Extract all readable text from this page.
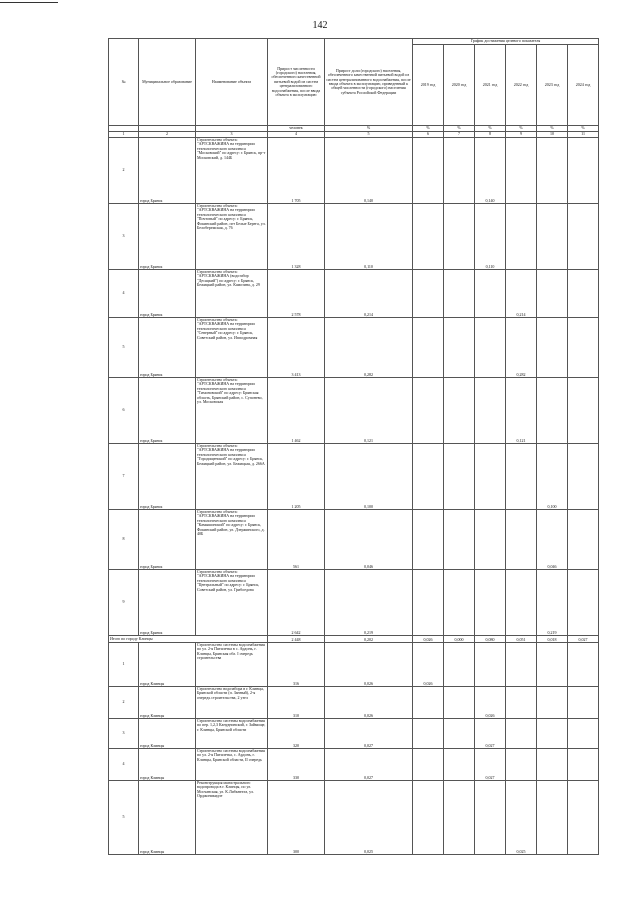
142
№	Муниципальное образование	Наименование объекта	Прирост численности (городского) населения, обеспеченного качественной питьевой водой из систем централизованного водоснабжения, после ввода объекта в эксплуатацию	Прирост доли (городского) населения, обеспеченного качественной питьевой водой из систем централизованного водоснабжения, после ввода объекта в эксплуатацию, приведенный к общей численности (городского) населения субъекта Российской Федерации	График достижения целевого показателя					
					2019 год	2020 год	2021 год	2022 год	2023 год	2024 год
			человек	%	%	%	%	%	%	%
1	2	3	4	5	6	7	8	9	10	11
2	город Брянск	Строительство объекта: "АРТСКВАЖИНА на территории технологического комплекса "Московский" по адресу: г. Брянск, пр-т Московский, д. 144Б	1 705	0,140			0,140			
3	город Брянск	Строительство объекта: "АРТСКВАЖИНА на территории технологического комплекса "Почтовый" по адресу: г. Брянск, Фокинский район, пгт Белые Берега, ул. Белобережская, д. 76	1 328	0,110			0,110			
4	город Брянск	Строительство объекта: "АРТСКВАЖИНА (водозабор "Десяцкий") по адресу: г. Брянск, Бежицкий район, ул. Камозина, д. 29	2 578	0,214				0,214		
5	город Брянск	Строительство объекта: "АРТСКВАЖИНА на территории технологического комплекса "Северный" по адресу: г. Брянск, Советский район, ул. Ипподромная	3 413	0,282				0,282		
6	город Брянск	Строительство объекта: "АРТСКВАЖИНА на территории технологического комплекса "Тимоновский" по адресу: Брянская область, Брянский район, с. Супонево, ул. Московская	1 462	0,121				0,121		
7	город Брянск	Строительство объекта: "АРТСКВАЖИНА на территории технологического комплекса "Городищенский" по адресу: г. Брянск, Бежицкий район, ул. Бежицкая, д. 266А	1 205	0,100					0,100	
8	город Брянск	Строительство объекта: "АРТСКВАЖИНА на территории технологического комплекса "Камышинский" по адресу: г. Брянск, Фокинский район, ул. Дзержинского, д. 40Б	561	0,046					0,046	
9	город Брянск	Строительство объекта: "АРТСКВАЖИНА на территории технологического комплекса "Центральный" по адресу: г. Брянск, Советский район, ул. Грибоедова	2 642	0,219					0,219	
Итого по городу Клинцы			2 448	0,202	0,026	0,000	0,080	0,051	0,018	0,027
1	город Клинцы	Строительство системы водоснабжения по ул. 2-я Пятилетка в с. Ардонь, г. Клинцы, Брянская обл. I очередь строительства	316	0,026	0,026					
2	город Клинцы	Строительство водозабора в г. Клинцы, Брянской области (п. Занный), 2-я очередь строительства, 2 узел	310	0,026			0,026			
3	город Клинцы	Строительство системы водоснабжения по пер. 1,2,3 Кануднинский, г. Займище, г. Клинцы, Брянской области	320	0,027			0,027			
4	город Клинцы	Строительство системы водоснабжения по ул. 2-я Пятилетка, с. Ардонь, г. Клинцы, Брянской области, II очередь	330	0,027			0,027			
5	город Клинцы	Реконструкция магистрального водопровода в г. Клинцы, по ул. Мосчанская, ул. К.Либкнехта, ул. Орджоникидзе	300	0,025				0,025		
